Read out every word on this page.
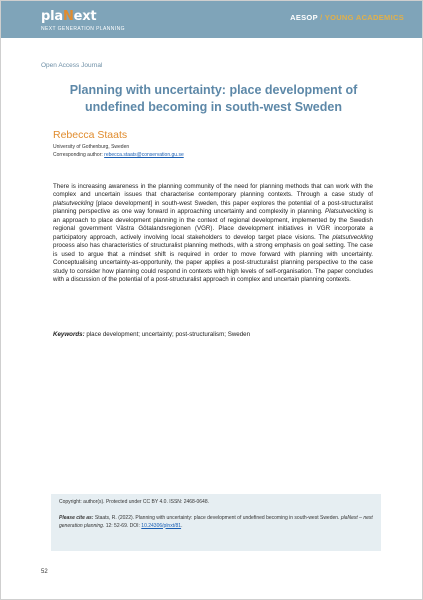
plaNext
NEXT GENERATION PLANNING
AESOP / YOUNG ACADEMICS
Open Access Journal
Planning with uncertainty: place development of undefined becoming in south-west Sweden
Rebecca Staats
University of Gothenburg, Sweden
Corresponding author: rebecca.staats@conservation.gu.se

There is increasing awareness in the planning community of the need for planning methods that can work with the complex and uncertain issues that characterise contemporary planning contexts. Through a case study of platsutveckling [place development] in south-west Sweden, this paper explores the potential of a post-structuralist planning perspective as one way forward in approaching uncertainty and complexity in planning. Platsutveckling is an approach to place development planning in the context of regional development, implemented by the Swedish regional government Västra Götalandsregionen (VGR). Place development initiatives in VGR incorporate a participatory approach, actively involving local stakeholders to develop target place visions. The platsutveckling process also has characteristics of structuralist planning methods, with a strong emphasis on goal setting. The case is used to argue that a mindset shift is required in order to move forward with planning with uncertainty. Conceptualising uncertainty-as-opportunity, the paper applies a post-structuralist planning perspective to the case study to consider how planning could respond in contexts with high levels of self-organisation. The paper concludes with a discussion of the potential of a post-structuralist approach in complex and uncertain planning contexts.

Keywords: place development; uncertainty; post-structuralism; Sweden

Copyright: author(s). Protected under CC BY 4.0. ISSN: 2468-0648.

Please cite as: Staats, R. (2022). Planning with uncertainty: place development of undefined becoming in south-west Sweden. plaNext – next generation planning. 12: 52-69. DOI: 10.24306/plnxt/81.

52
